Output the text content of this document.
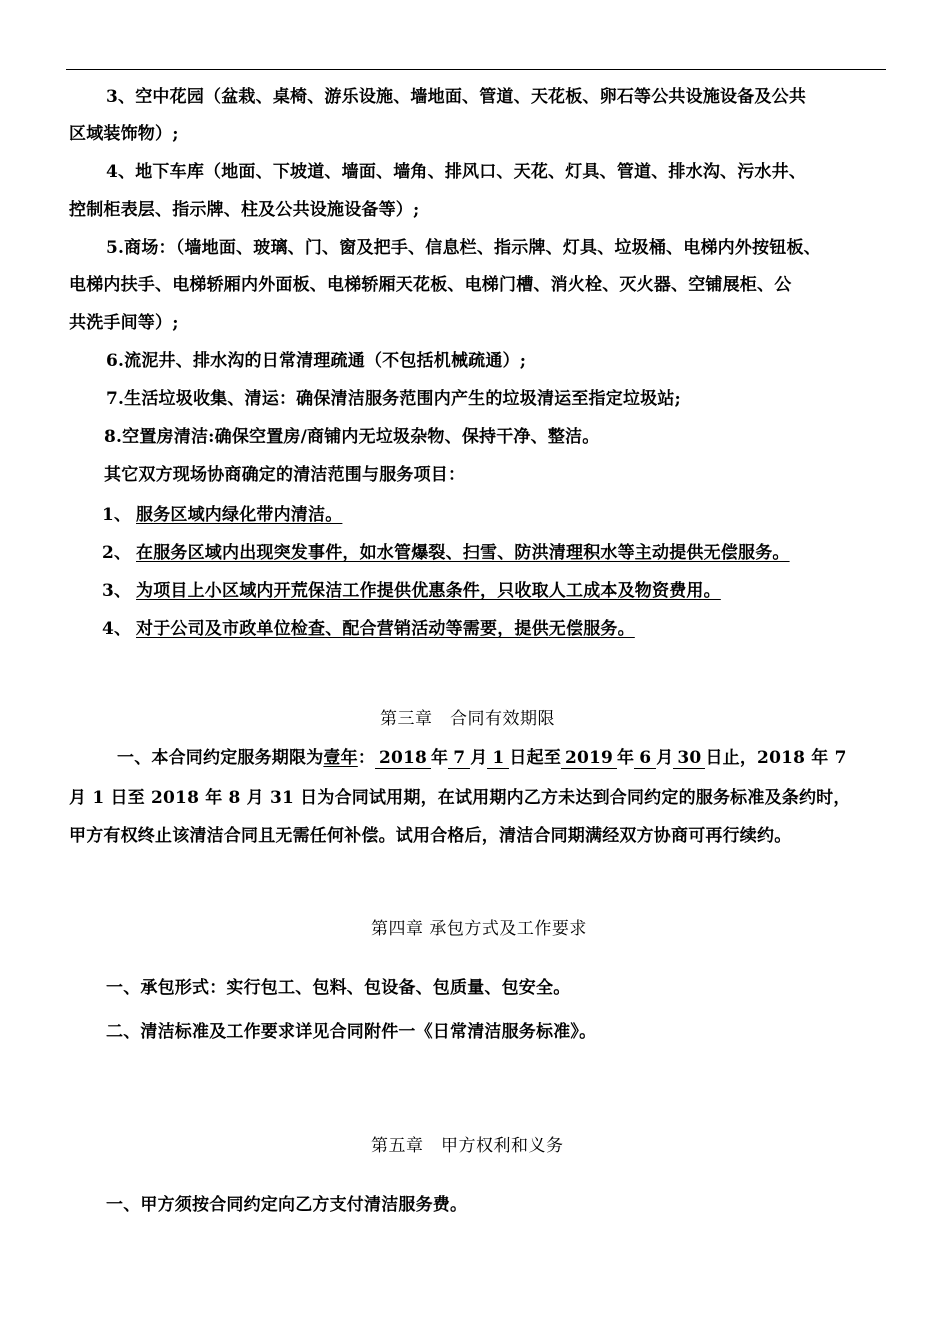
3、空中花园（盆栽、桌椅、游乐设施、墙地面、管道、天花板、卵石等公共设施设备及公共
区域装饰物）;
4、地下车库（地面、下坡道、墙面、墙角、排风口、天花、灯具、管道、排水沟、污水井、
控制柜表层、指示牌、柱及公共设施设备等）;
5.商场：（墙地面、玻璃、门、窗及把手、信息栏、指示牌、灯具、垃圾桶、电梯内外按钮板、
电梯内扶手、电梯轿厢内外面板、电梯轿厢天花板、电梯门槽、消火栓、灭火器、空铺展柜、公
共洗手间等）;
6.流泥井、排水沟的日常清理疏通（不包括机械疏通）;
7.生活垃圾收集、清运：确保清洁服务范围内产生的垃圾清运至指定垃圾站;
8.空置房清洁:确保空置房/商铺内无垃圾杂物、保持干净、整洁。
其它双方现场协商确定的清洁范围与服务项目：
1、 服务区域内绿化带内清洁。
2、 在服务区域内出现突发事件，如水管爆裂、扫雪、防洪清理积水等主动提供无偿服务。
3、 为项目上小区域内开荒保洁工作提供优惠条件，只收取人工成本及物资费用。
4、 对于公司及市政单位检查、配合营销活动等需要，提供无偿服务。
第三章　合同有效期限
一、本合同约定服务期限为壹年： 2018 年 7 月 1 日起至 2019 年 6 月 30 日止，2018 年 7
月 1 日至 2018 年 8 月 31 日为合同试用期，在试用期内乙方未达到合同约定的服务标准及条约时，
甲方有权终止该清洁合同且无需任何补偿。试用合格后，清洁合同期满经双方协商可再行续约。
第四章 承包方式及工作要求
一、承包形式：实行包工、包料、包设备、包质量、包安全。
二、清洁标准及工作要求详见合同附件一《日常清洁服务标准》。
第五章　甲方权利和义务
一、甲方须按合同约定向乙方支付清洁服务费。
